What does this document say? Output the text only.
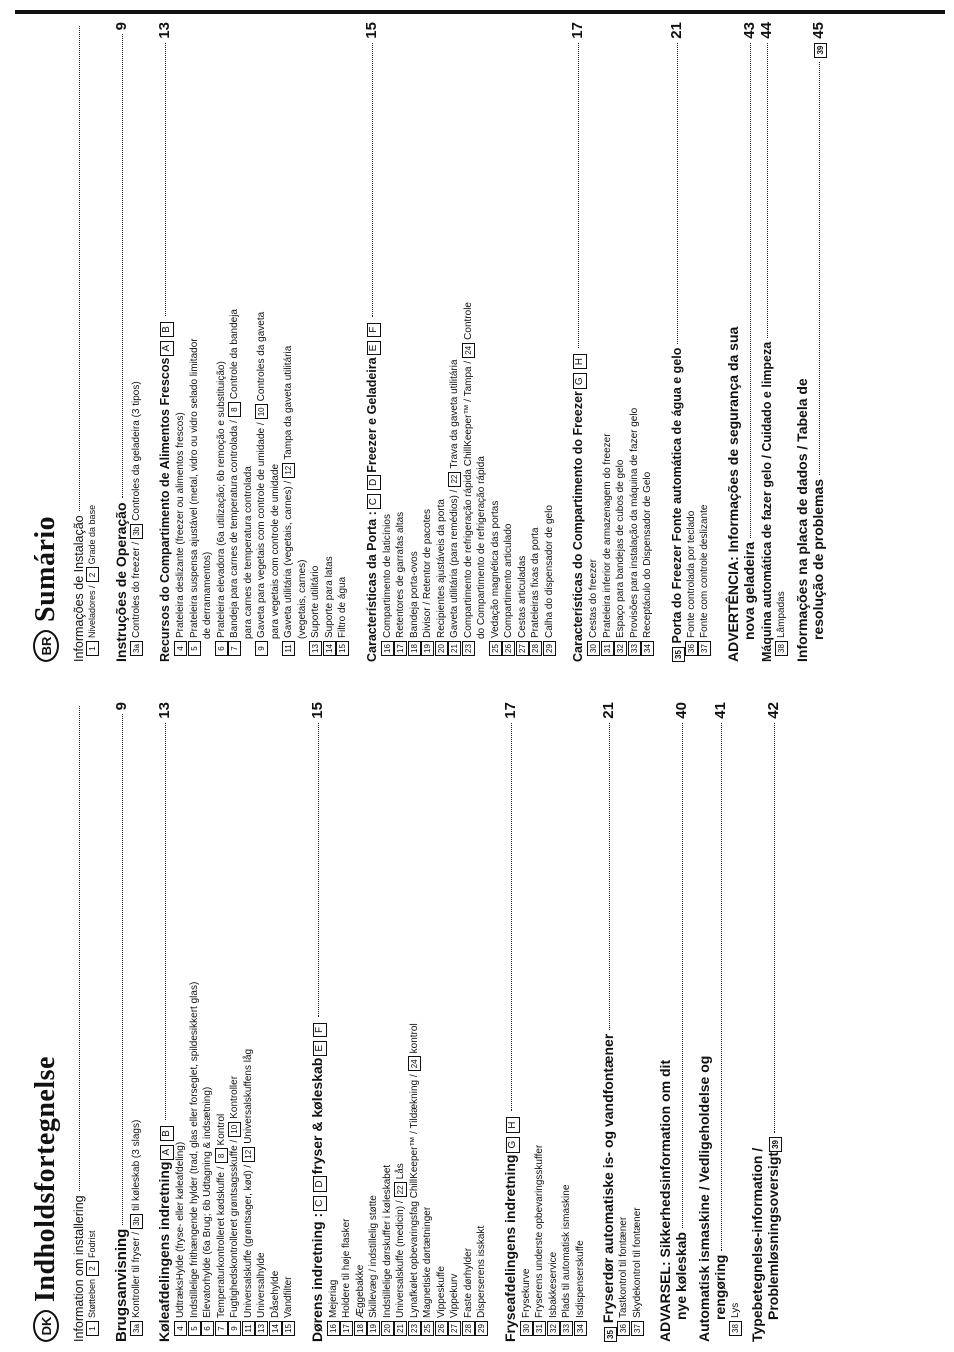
DK
Indholdsfortegnelse Information om installering 1
Støtteben
2
Fodrist Brugsanvisning
9
3a
Kontroller til fryser /
3b
til køleskab (3 slags) Køleafdelingens indretning
A
B
13
4
UdtræksHylde (fryse- eller køleafdeling)
5
Indstillelige frithængende hylder (trad, glas eller forseglet, spildesikkert glas)
6
Elevatorhylde (6a Brug; 6b Udtagning & indsætning)
7
Temperaturkontrolleret kødskuffe /
8
Kontrol
9
Fugtighedskontrolleret grøntsagsskuffe /
10
Kontroller
11
Universalskuffe (grøntsager, kød) /
12
Universalskuffens låg
13
Universalhylde
14
Dåsehylde
15
Vandfilter Dørens indretning :
C
D
fryser & køleskab
E
F
15
16
Mejeriag
17
Holdere til høje flasker
18
Æggebakke
19
Skillevæg / indstillelig støtte
20
Indstillelige dørskuffer i køleskabet
21
Universalskuffe (medicin) /
22
Lås
23
Lynafkølet opbevaringsfag ChillKeeper™ / Tildækning /
24
kontrol
25
Magnetiske dørtætninger
26
Vippeskuffe
27
Vippekurv
28
Faste dørhylder
29
Disperserens isskakt Fryseafdelingens indretning
G
H
17
30
Frysekurve
31
Fryserens underste opbevaringsskuffer
32
Isbakkeservice
33
Plads til automatisk ismaskine
34
Isdispenserskuffe
35

Fryserdør automatiske is- og vandfontæner
21
36
Tastkontrol til fontæner
37
Skydekontrol til fontæner ADVARSEL: Sikkerhedsinformation om dit nye køleskab
40
Automatisk ismaskine / Vedligeholdelse og rengøring
41
38
Lys Typebetegnelse-information / Problemløsningsoversigt
39
42
BR
Sumário Informações de Instalação 1
Niveladores /
2
Grade da base Instruções de Operação
9
3a
Controles do freezer /
3b
Controles da geladeira (3 tipos) Recursos do Compartimento de Alimentos Frescos
A
B
13
4
Prateleira deslizante (freezer ou alimentos frescos)
5
Prateleira suspensa ajustável (metal, vidro ou vidro selado limitador de derramamentos)
6
Prateleira elevadora (6a utilização; 6b remoção e substituição)
7
Bandeja para carnes de temperatura controlada /
8
Controle da bandeja
para carnes de temperatura controlada
9
Gaveta para vegetais com controle de umidade /
10
Controles da gaveta
para vegetais com controle de umidade
11
Gaveta utilitária (vegetais, carnes) /
12
Tampa da gaveta utilitária
(vegetais, carnes)
13
Suporte utilitário
14
Suporte para latas
15
Filtro de água Características da Porta :
C
D
Freezer e Geladeira
E
F
15
16
Compartimento de laticínios
17
Retentores de garrafas altas
18
Bandeja porta-ovos
19
Divisor / Retentor de pacotes
20
Recipientes ajustáveis da porta
21
Gaveta utilitária (para remédios) /
22
Trava da gaveta utilitária
23
Compartimento de refrigeração rápida ChillKeeper™ / Tampa /
24
Controle
do Compartimento de refrigeração rápida
25
Vedação magnética das portas
26
Compartimento articulado
27
Cestas articuladas
28
Prateleiras fixas da porta
29
Calha do dispensador de gelo Características do Compartimento do Freezer
G
H
17
30
Cestas do freezer
31
Prateleira inferior de armazenagem do freezer
32
Espaço para bandejas de cubos de gelo
33
Provisões para instalação da máquina de fazer gelo
34
Receptáculo do Dispensador de Gelo
35

Porta do Freezer Fonte automática de água e gelo
21
36
Fonte controlada por teclado
37
Fonte com controle deslizante ADVERTÊNCIA: Informações de segurança da sua nova geladeira
43
Máquina automática de fazer gelo / Cuidado e limpeza
44
38
Lâmpadas Informações na placa de dados / Tabela de resolução de problemas
39

45
